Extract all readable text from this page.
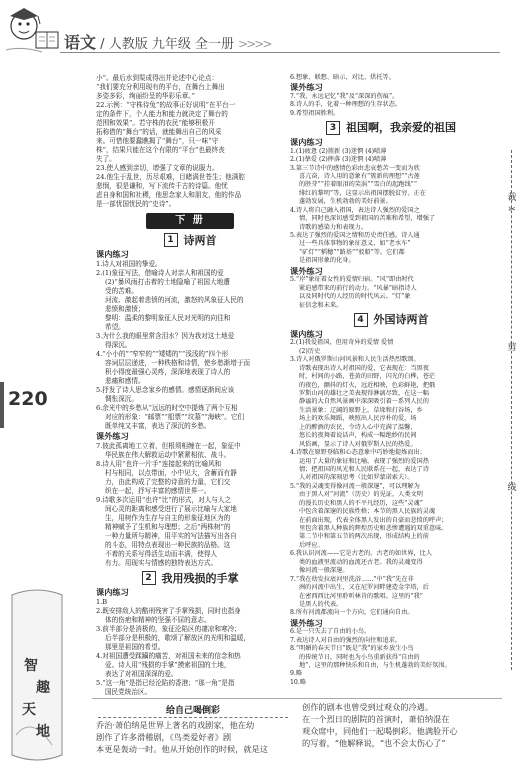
语文 / 人教版 九年级 全一册 >>>>
220
小”。最后水到渠成得出并论述中心论点：
“我们要充分利用现有的平台，在舞台上舞出
多姿多彩，绚丽纷呈的华彩乐章。”
22.示例：“守株待兔”的故事正好说明“在平台一
定的条件下，个人能力和能力就决定了舞台的
范围和效果”。若守株的农民“能够积极开
拓称借的“舞台”的话，就能舞出自己的风采
来。可惜他要蠢瞧揭了“舞台”，只一味“守
株”，结果只能在这个有限的“平台”也最终丧
失了。
23.使人感到亲切，增强了文章的说服力。
24.他生于乱世，历尽艰难，目睹满世苍生；他满腔
悲悯，很是谦和，写下流传千古的诗篇。他忧
虑自身和国和社稷，他思念家人和朋友，他的作品
是一部忧国忧民的“史诗”。
下 册
1 诗两首
课内练习
1.诗人对祖国的挚爱。
2.(1)象征写法，借喻诗人对亲人和祖国的爱
(2)“暴风雨打击着的土地隐喻了祖国大地遭
受的苦难。
河流、激起着悲愤的河流，激怒的风象征人民的
悲愤和激愤；
黎明：温柔的黎明象征人民对光明的向往和
希望。
3.为什么我的眼里常含泪水？因为我对这土地爱
得深沉。
4.“小小的”“窄窄的”“矮矮的”“浅浅的”四个形
容词层层递进，一种秩格和诗情，使乡愁渐增于而
积小得度最强心灵疼，深深地表现了诗人的
悲痛和感情。
5.抒发了诗人思念家乡的感情。感情逐渐间应该
惆怅深沉。
6.余光中的乡愁从“远远的时空中提炼了两个互相
对应的形象：“邮票”“船票”“坟墓”“海峡”。它们
既单纯又丰富，表达了深沉的乡愁。
课外练习
7.彼此孤离地工立着，但根须相缠在一起，象征中
华民族在伟大解救运动中紧紧相依、战斗。
8.诗人用“也许一片手”连接起来的比喻风和
村与相同，以点带面，小中见大，含蓄而有静
力，由此构成了完整的诗意的力量，它们交
织在一起，抒写丰富的感情世界一。
9.诗歌多次运用“也许”比“的形式，对人与人之
间心灵的距离和感受进行了展示比喻与大家地
生，用树作为生存与自主的形象征地区为的
精神赋予了生机和与理想；之后“两株树”的
一种力量所与精神，用平实的写法描写出各自
的斗态，用特点表现出一种民族的品格。这
不着的关系写得活生动而丰满，使得人
有力。用现实与情感的独特表达方式。
2 我用残损的手掌
课内练习
1.B
2.既安排敌人的酷刑残害了手掌残损，同时也指身
体的伤疤和精神的坚强不屈的意志。
3.前半部分是消极的，象征沦陷区的凄凉和寒冷；
后半部分是积极的，歌颂了解放区的光明和温暖，
那里是祖国的希望。
4.对祖国遭受蹂躏的痛苦，对祖国未来的信念和热
爱。诗人用“残损的手掌”摸索祖国的土地，
表达了对祖国深深的爱。
5.“这一角”是指已经沦陷的香港；“那一角”是指
国民党统治区。
6.想象、联想、暗示、对比、烘托等。
课外练习
7.“我，永远记忆“我”及“深深的伤痕”。
8.诗人的手，化着一种理想的生存状态。
9.希望祖国胜利。
3 祖国啊，我亲爱的祖国
课内练习
1.(1)疲惫 (2)簇新 (3)迷惘 (4)喷薄
2.(1)挚爱 (2)摔落 (3)迷惘 (4)喷薄
3.第三节诗中的感情色彩由悲哀愁苦一变而为欣
喜亢奋，诗人用的意象有“簇新的理想”“古莲
的胚芽”“挂着眼泪的笑涡”“雪白的起跑线”“
绯红的黎明”等，这显示出祖国摆脱贫穷、正在
蓬勃发展，生机勃勃的美好前景。
4.诗人将自己融入祖国，表达诗人强烈的爱国之
情，同时也深切感受到祖国的苦难和希望，增强了
诗歌的感染力和表现力。
5.表达了强烈的爱国之情和历史责任感。诗人通
过一些具体事物的象征意义，如“老水车”
“矿灯”“稻穗”“路基”“驳船”等。它们都
是祖国形象的化身。
课外练习
5.“岸”象征着女性的爱情归宿。“风”即由时代
紧迫感带来的前行的动力。“风暴”暗指诗人
以及同时代的人经历的时代风云。“灯”象
征信念和未来。
4 外国诗两首
课内练习
2.(1)我爱祖国，但用奇异的爱情 爱情
(2)历史
3.诗人对俄罗斯山河风景和人民生活热烈歌颂。
诗歌表现出诗人对祖国的爱，它表现在：当黑夜
时，村间的小路，苍黄的田野，闪光的白桦，苍茫
的夜色，颤抖的灯火，远近相映，色彩鲜艳，把俄
罗斯山河的雄壮之美表现得淋漓尽致，在这一幅
静谧的大自然风景画中深深吸引着一系列人民的
生活景象：辽阔的原野上，草垛和打谷场，乡
场上的欢乐舞蹈，映照出人民淳朴的爱，场
上的醉酒的农民，令诗人心中充满了温馨，
悠长的夜舞着说话声，构成一幅绝妙的民间
风俗画，显示了诗人对俄罗斯人民的热爱。
4.诗歌在原野登临和心态意象中巧妙地提炼而出；
运用了大量的象征和比喻，表现了强烈的爱国热
情；把祖国的风光和人民联系在一起，表达了诗
人对祖国的深刻思考（比如罗蒙诺索夫）。
5.“我的灵魂变得像河流一般深邃”，可以理解为
由于黑人对“河流”（历史）的见证，人类文明
的漫长历史和黑人的不平凡经历，这些“灵魂”
中包含着深邃的民族性格；本节的黑人民族的灵魂
在前面出现，代表全体黑人发出的自豪而悲愤的呼声；
里包含着黑人种族的辉煌历史和悲惨遭遇的双重意味。
第二节中和第五节的两次出现，形成结构上的前
后呼应。
6.我认识河流——它是古老的，古老的如世界，比人
类的血液里流动的血流还古老。我的灵魂变得
像河流一般深邃。
7.“我在幼发拉底河里洗浴……”中“我”先在非
洲的河流中出生，又在尼罗河畔建造金字塔，后
在密西西比河里聆听林肯的歌唱。这里的“我”
是黑人的代表。
8.所有河流都流向一个方向，它们通向自由。
课外练习
6.是一只失去了自由的小鸟。
7.表达诗人对自由的强烈的向往和追求。
8.“明媚的春天节日”既是“我”的家乡放生小鸟
的传统节日，同时也为小鸟重新获得“自由的
地”，这里的那种快乐和自由，与生机蓬勃的美好氛围。
9.略
10.略
裁
✂
剪
线
智
趣
天
地
给自己喝倒彩
乔治·萧伯纳是世界上著名的戏剧家，他在幼
剧作了许多滑稽剧，《鸟类爱好者》剧
本更是轰动一时。他从开始创作的时候，就是这
创作的剧本也曾受到过观众的冷遇。
在一个烈日的剧院的首演时，萧伯纳混在
观众席中，同他们一起喝倒彩。他满脸开心
的写着，“他解释说，“也不会太伤心了”
